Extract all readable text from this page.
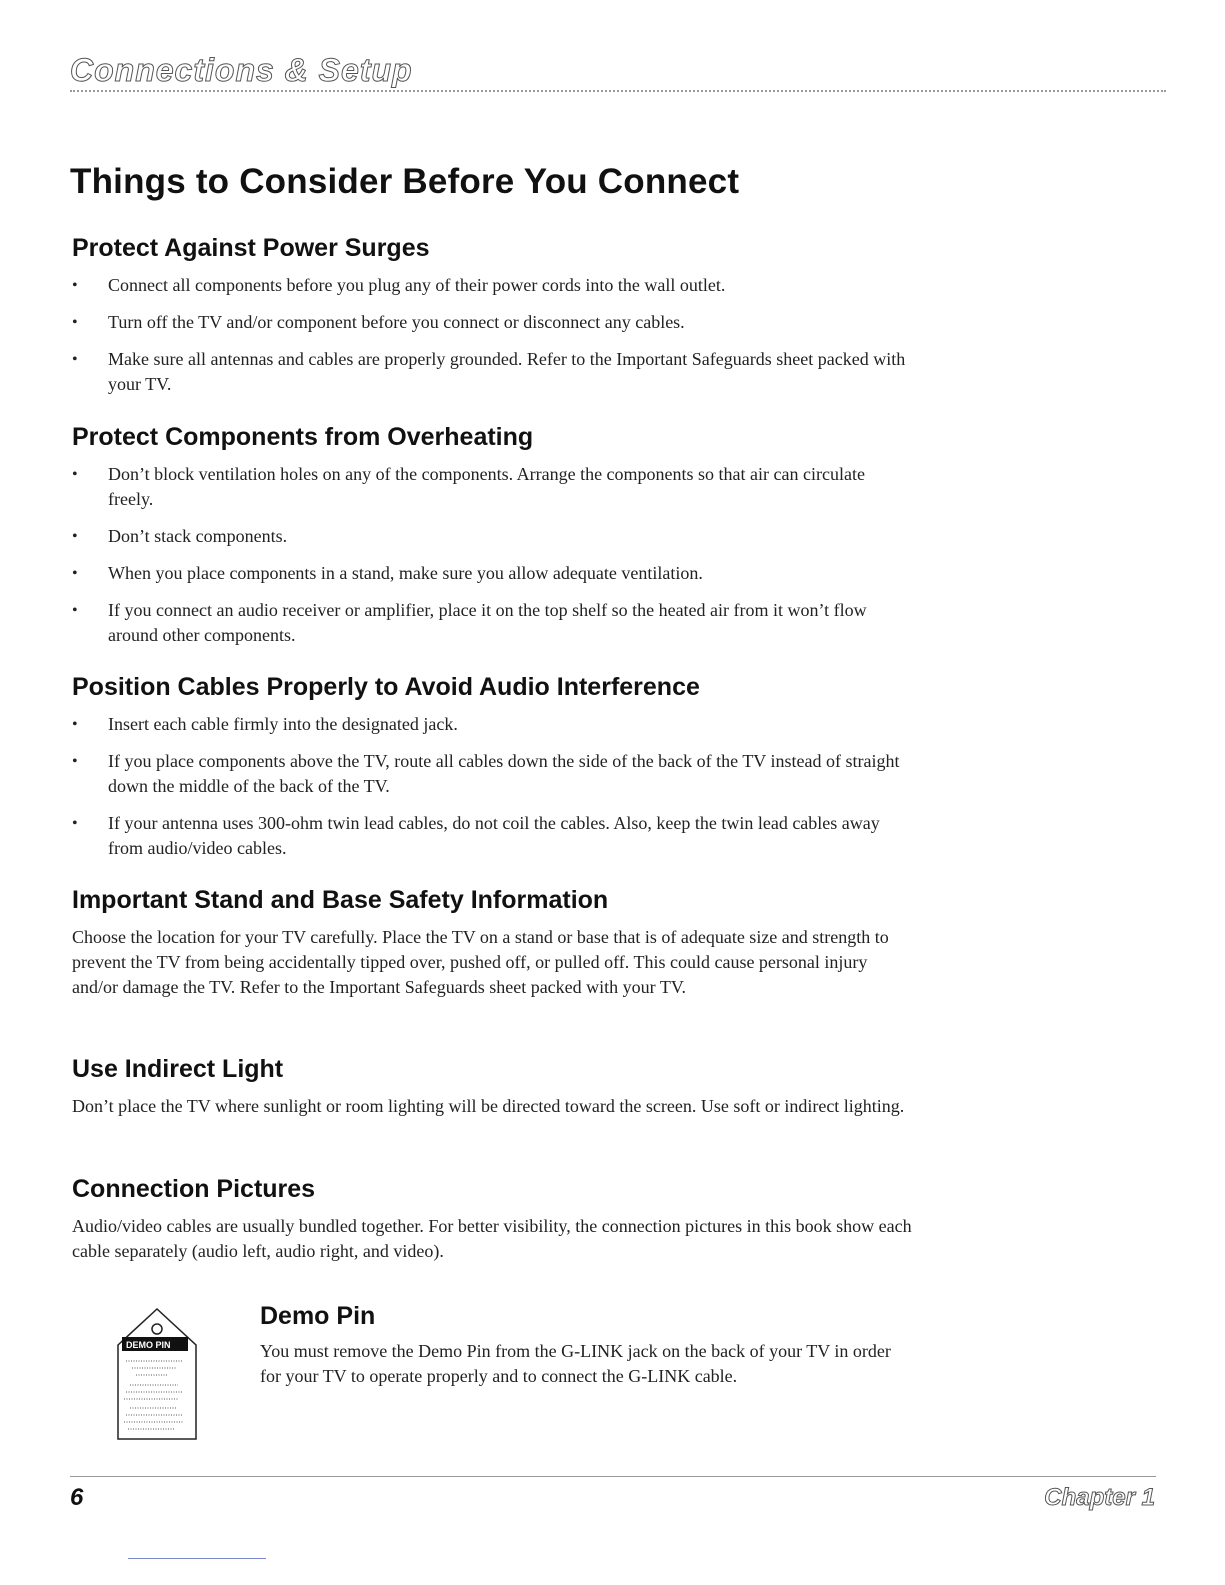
Connections & Setup
Things to Consider Before You Connect
Protect Against Power Surges
• Connect all components before you plug any of their power cords into the wall outlet.
• Turn off the TV and/or component before you connect or disconnect any cables.
• Make sure all antennas and cables are properly grounded. Refer to the Important Safeguards sheet packed with your TV.
Protect Components from Overheating
• Don’t block ventilation holes on any of the components. Arrange the components so that air can circulate freely.
• Don’t stack components.
• When you place components in a stand, make sure you allow adequate ventilation.
• If you connect an audio receiver or amplifier, place it on the top shelf so the heated air from it won’t flow around other components.
Position Cables Properly to Avoid Audio Interference
• Insert each cable firmly into the designated jack.
• If you place components above the TV, route all cables down the side of the back of the TV instead of straight down the middle of the back of the TV.
• If your antenna uses 300-ohm twin lead cables, do not coil the cables. Also, keep the twin lead cables away from audio/video cables.
Important Stand and Base Safety Information

Choose the location for your TV carefully. Place the TV on a stand or base that is of adequate size and strength to prevent the TV from being accidentally tipped over, pushed off, or pulled off. This could cause personal injury and/or damage the TV. Refer to the Important Safeguards sheet packed with your TV.

Use Indirect Light

Don’t place the TV where sunlight or room lighting will be directed toward the screen. Use soft or indirect lighting.

Connection Pictures

Audio/video cables are usually bundled together. For better visibility, the connection pictures in this book show each cable separately (audio left, audio right, and video).

DEMO PIN
Demo Pin

You must remove the Demo Pin from the G-LINK jack on the back of your TV in order for your TV to operate properly and to connect the G-LINK cable.

6	Chapter 1
